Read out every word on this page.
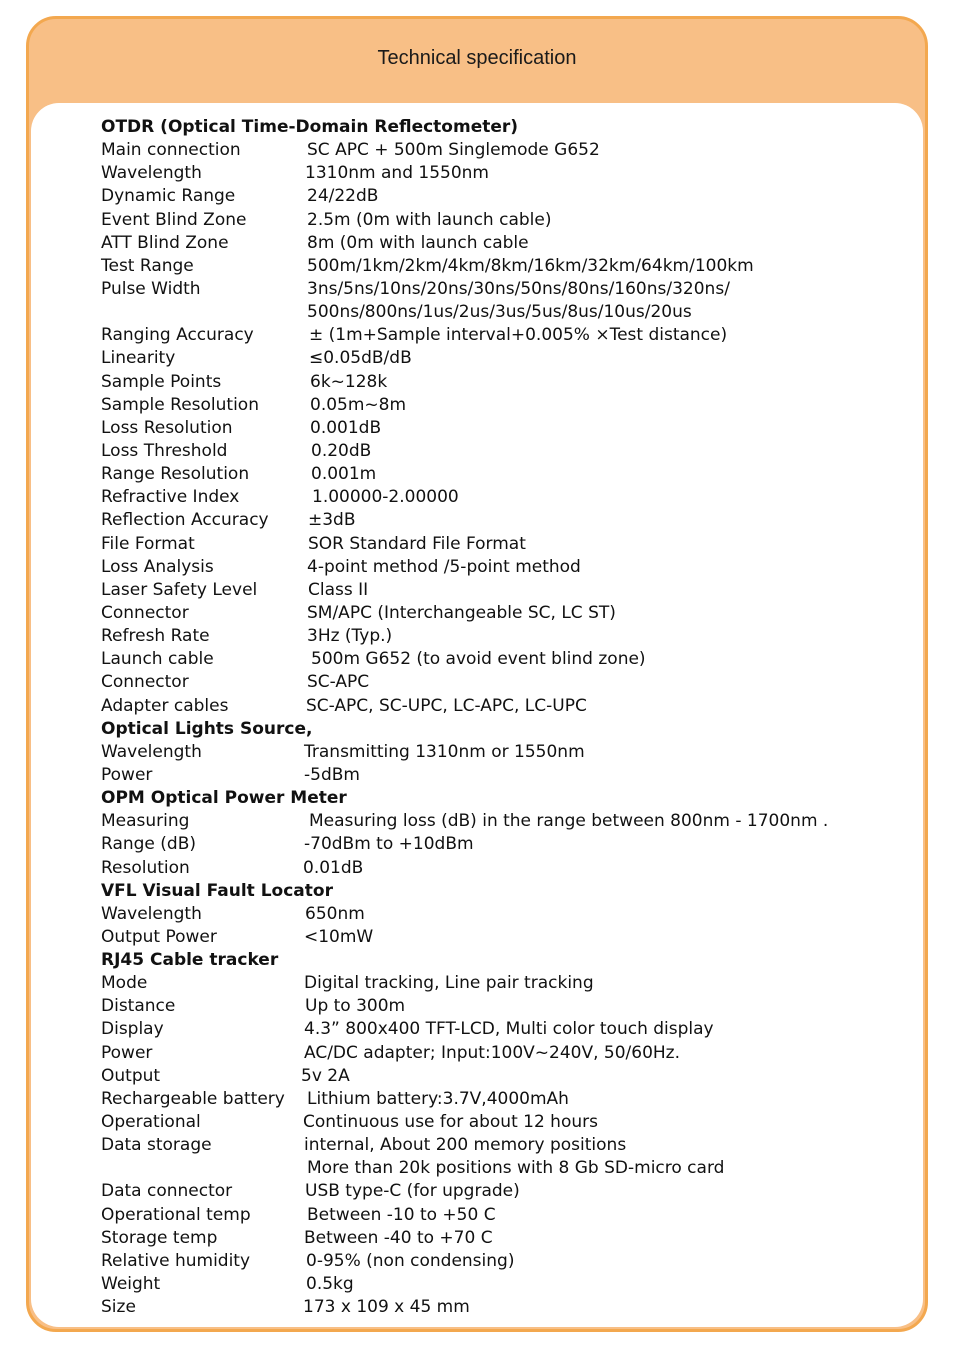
Technical specification
OTDR (Optical Time-Domain Reflectometer)
Main connection	SC APC + 500m Singlemode G652
Wavelength	1310nm and 1550nm
Dynamic Range	24/22dB
Event Blind Zone	2.5m (0m with launch cable)
ATT Blind Zone	8m (0m with launch cable
Test Range	500m/1km/2km/4km/8km/16km/32km/64km/100km
Pulse Width	3ns/5ns/10ns/20ns/30ns/50ns/80ns/160ns/320ns/
500ns/800ns/1us/2us/3us/5us/8us/10us/20us
Ranging Accuracy	± (1m+Sample interval+0.005% ×Test distance)
Linearity	≤0.05dB/dB
Sample Points	6k~128k
Sample Resolution	0.05m~8m
Loss Resolution	0.001dB
Loss Threshold	0.20dB
Range Resolution	0.001m
Refractive Index	1.00000-2.00000
Reflection Accuracy ±3dB
File Format	SOR Standard File Format
Loss Analysis	4-point method /5-point method
Laser Safety Level	Class II
Connector	SM/APC (Interchangeable SC, LC ST)
Refresh Rate	3Hz (Typ.)
Launch cable	500m G652 (to avoid event blind zone)
Connector	SC-APC
Adapter cables	SC-APC, SC-UPC, LC-APC, LC-UPC
Optical Lights Source,
Wavelength	Transmitting 1310nm or 1550nm
Power	-5dBm
OPM Optical Power Meter
Measuring	Measuring loss (dB) in the range between 800nm - 1700nm .
Range (dB)	-70dBm to +10dBm
Resolution	0.01dB
VFL Visual Fault Locator
Wavelength	650nm
Output Power	<10mW
RJ45 Cable tracker
Mode	Digital tracking, Line pair tracking
Distance	Up to 300m
Display	4.3” 800x400 TFT-LCD, Multi color touch display
Power	AC/DC adapter; Input:100V~240V, 50/60Hz.
Output	5v 2A
Rechargeable battery Lithium battery:3.7V,4000mAh
Operational	Continuous use for about 12 hours
Data storage	internal, About 200 memory positions
More than 20k positions with 8 Gb SD-micro card
Data connector	USB type-C (for upgrade)
Operational temp	Between -10 to +50 C
Storage temp	Between -40 to +70 C
Relative humidity	0-95% (non condensing)
Weight	0.5kg
Size	173 x 109 x 45 mm
